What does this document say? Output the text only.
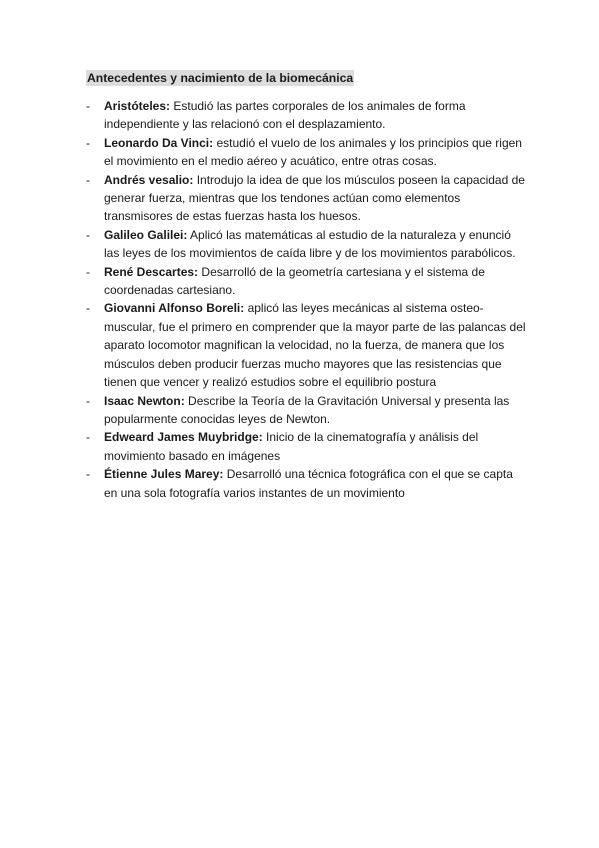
Antecedentes y nacimiento de la biomecánica
- Aristóteles: Estudió las partes corporales de los animales de forma independiente y las relacionó con el desplazamiento.
- Leonardo Da Vinci: estudió el vuelo de los animales y los principios que rigen el movimiento en el medio aéreo y acuático, entre otras cosas.
- Andrés vesalio: Introdujo la idea de que los músculos poseen la capacidad de generar fuerza, mientras que los tendones actúan como elementos transmisores de estas fuerzas hasta los huesos.
- Galileo Galilei: Aplicó las matemáticas al estudio de la naturaleza y enunció las leyes de los movimientos de caída libre y de los movimientos parabólicos.
- René Descartes: Desarrolló de la geometría cartesiana y el sistema de coordenadas cartesiano.
- Giovanni Alfonso Boreli: aplicó las leyes mecánicas al sistema osteo-muscular, fue el primero en comprender que la mayor parte de las palancas del aparato locomotor magnifican la velocidad, no la fuerza, de manera que los músculos deben producir fuerzas mucho mayores que las resistencias que tienen que vencer y realizó estudios sobre el equilibrio postura
- Isaac Newton: Describe la Teoría de la Gravitación Universal y presenta las popularmente conocidas leyes de Newton.
- Edweard James Muybridge: Inicio de la cinematografía y análisis del movimiento basado en imágenes
- Étienne Jules Marey: Desarrolló una técnica fotográfica con el que se capta en una sola fotografía varios instantes de un movimiento
